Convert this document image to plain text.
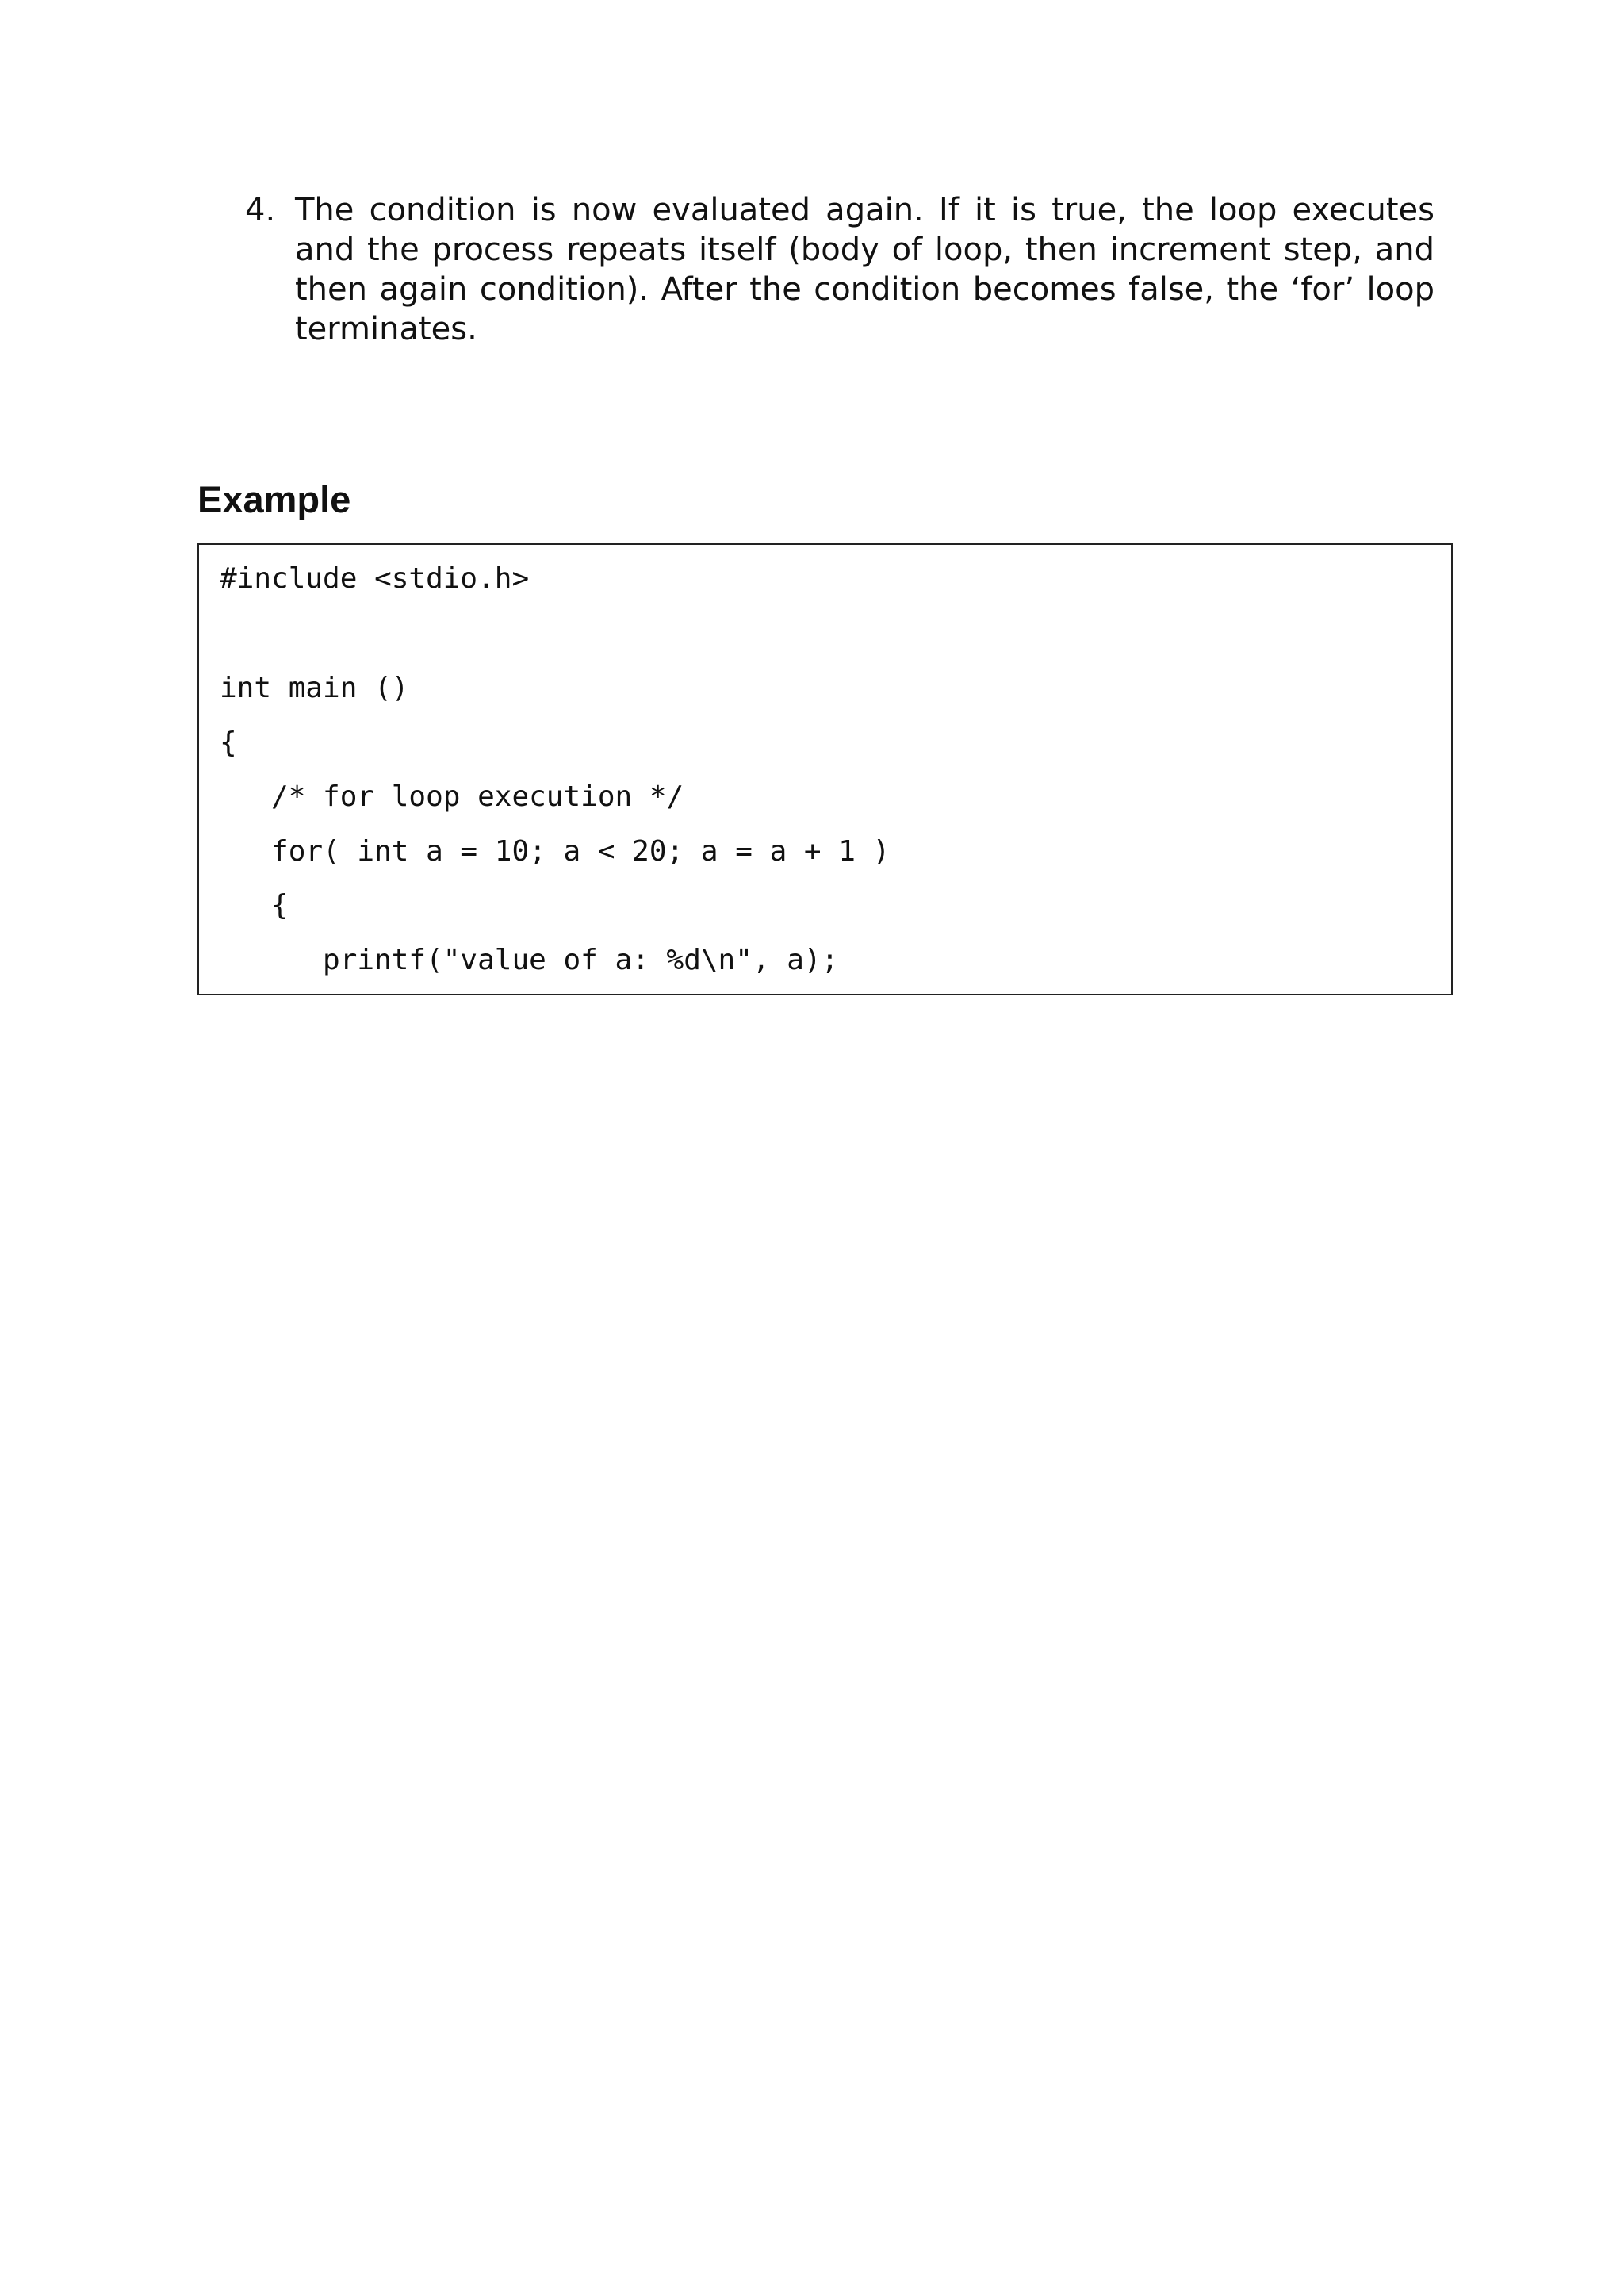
4. The condition is now evaluated again. If it is true, the loop executes and the process repeats itself (body of loop, then increment step, and then again condition). After the condition becomes false, the ‘for’ loop terminates.
Example
#include <stdio.h>
int main ()
{
/* for loop execution */
for( int a = 10; a < 20; a = a + 1 )
{
printf("value of a: %d\n", a);
